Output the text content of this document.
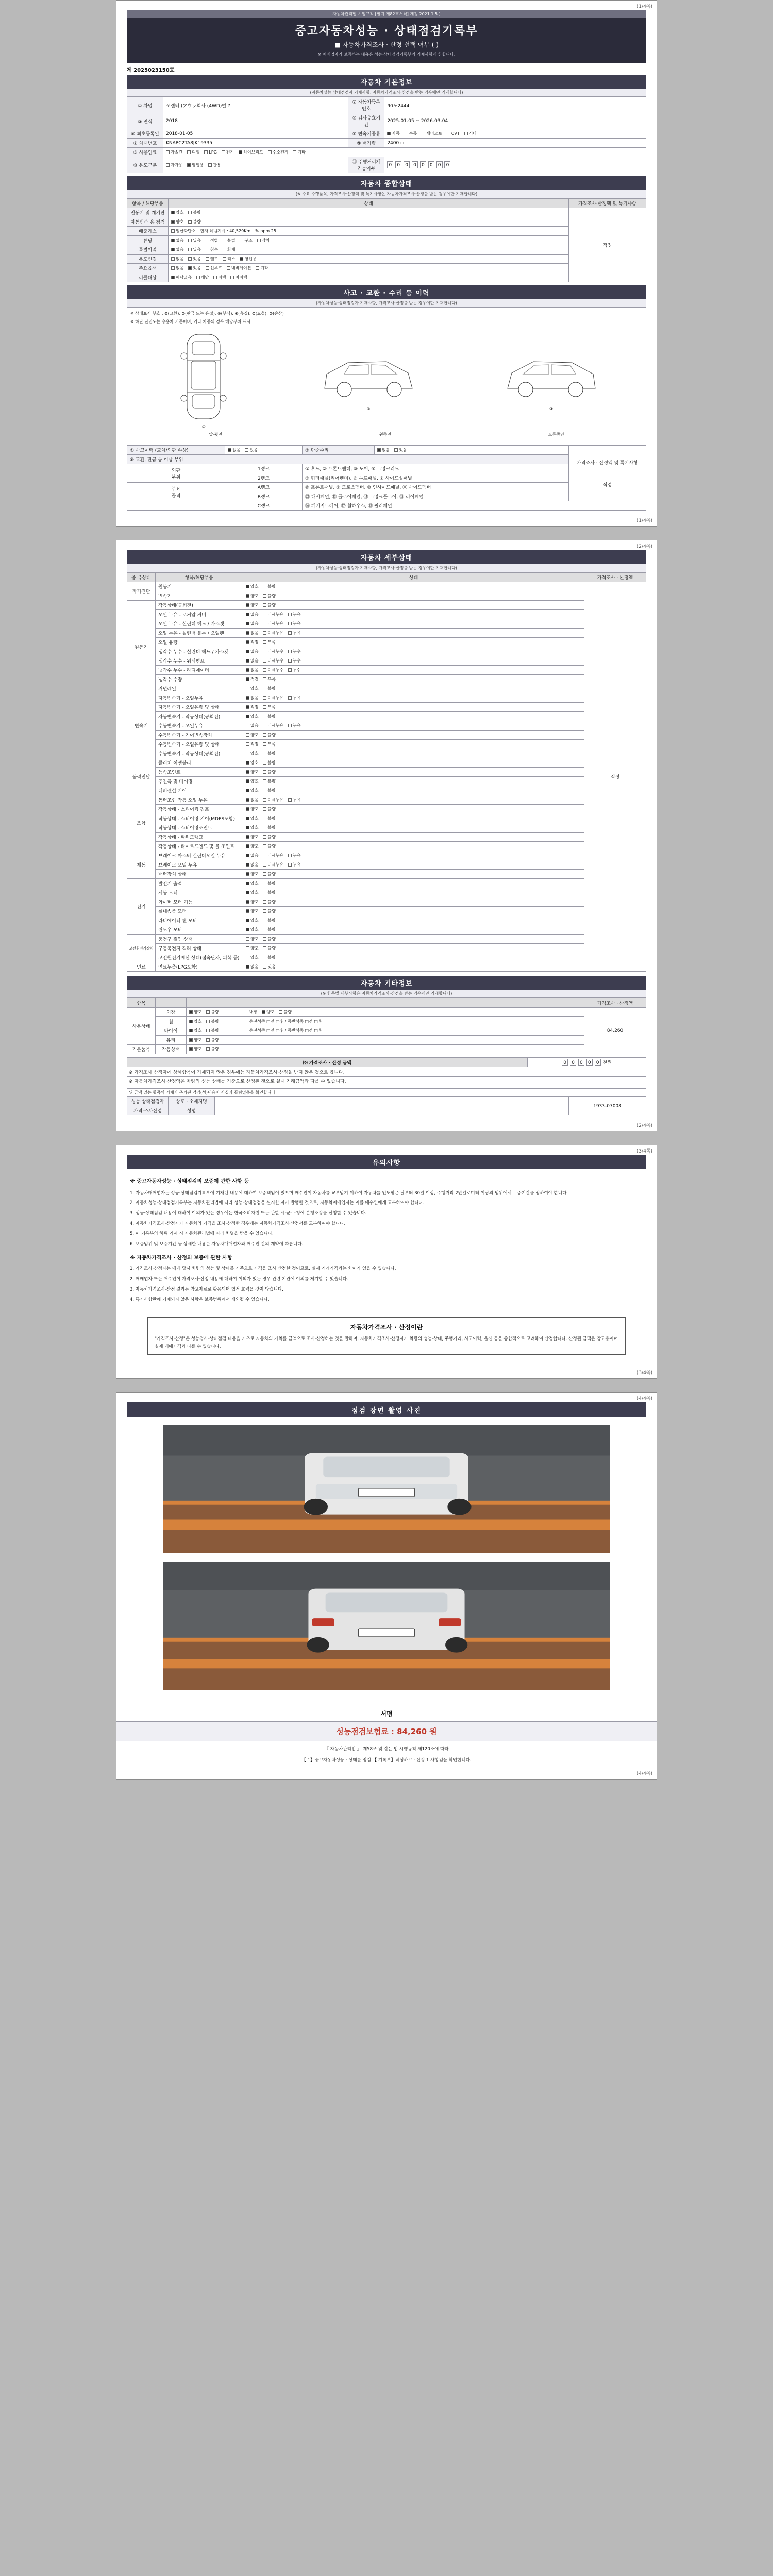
(1/4쪽)
자동차관리법 시행규칙 [별지 제82호서식] 개정 2021.1.5.)
중고자동차성능 · 상태점검기록부
■ 자동차가격조사 · 산정 선택 여부 ( )
※ 매매업자가 보증하는 내용은 성능·상태점검기록부의 기재사항에 한합니다.
제 2025023150호
자동차 기본정보
(자동차성능·상태점검자 기재사항, 자동차가격조사·산정을 받는 경우에만 기재합니다)
① 차명	쏘렌티 (アウラ회사 (4WD)별 ?	② 자동차등록번호	90노2444
③ 연식	2018	④ 검사유효기간	2025-01-05 ~ 2026-03-04
⑤ 최초등록일	2018-01-05	⑥ 변속기종류	자동 수동 세미오토 CVT 기타
⑦ 차대번호	KNAPC2TA8JK19335	⑨ 배기량	2400 cc
⑧ 사용연료	가솔린 디젤 LPG 전기 하이브리드 수소전기 기타		
⑩ 용도구분	자가용 영업용 관용	⑪ 주행거리계 기능여부	0 0 0 0 0 0 0 0
자동차 종합상태
(※ 주요 주행품목, 가격조사·산정액 및 특기사항은 자동차가격조사·산정을 받는 경우에만 기재합니다)
항목 / 해당부품	상태	가격조사·산정액 및 특기사항
전동기 및 계기판	양호 불량	적정
자동변속 용 점검	양호 불량	
배출가스	일산화탄소 현재 레벨지시 : 40,529Km % ppm 25	
튜닝	없음 있음 적법 불법 구조 장치	
특별이력	없음 있음 침수 화재	
용도변경	없음 있음 렌트 리스 영업용	
주요옵션	없음 있음 선루프 내비게이션 기타	
리콜대상	해당없음 해당 이행 미이행	
사고 · 교환 · 수리 등 이력
(자동차성능·상태점검자 기재사항, 가격조사·산정을 받는 경우에만 기재합니다)
※ 상태표시 부호 : ⊗(교환), ⊙(판금 또는 용접), ⊘(부식), ⊗(흠집), ⊙(요철), ⊘(손상)
※ 하단 단면도는 승용차 기준이며, 기타 차종의 경우 해당부위 표시
①
②	③
앞·뒷면	왼쪽면	오른쪽면
① 사고이력 (교차/외판 손상)	없음 있음	② 단순수리	없음 있음	가격조사 · 산정액 및 특기사항
적정

⑧ 교환, 판금 등 이상 부위				
외판
부위	1랭크	① 후드, ② 프론트펜더, ③ 도어, ④ 트렁크리드		
	2랭크	⑤ 쿼터패널(리어펜더), ⑥ 루프패널, ⑦ 사이드실패널		
주요
골격	A랭크	⑧ 프론트패널, ⑨ 크로스멤버, ⑩ 인사이드패널, ⑪ 사이드멤버		
	B랭크	⑫ 대시패널, ⑬ 플로어패널, ⑭ 트렁크플로어, ⑮ 리어패널		
	C랭크	⑯ 패키지트레이, ⑰ 휠하우스, ⑱ 필러패널		
(1/4쪽)
(2/4쪽)
자동차 세부상태
(자동차성능·상태점검자 기재사항, 가격조사·산정을 받는 경우에만 기재합니다)
중 유상태	항목/해당부품	상태	가격조사 · 산정액
자기진단	원동기	양호 불량	적정
	변속기	양호 불량	
원동기	작동상태(공회전)	양호 불량	
	오일 누유 - 로커암 커버	없음 미세누유 누유	
	오일 누유 - 실린더 헤드 / 가스켓	없음 미세누유 누유	
	오일 누유 - 실린더 블록 / 오일팬	없음 미세누유 누유	
	오일 유량	적정 부족	
	냉각수 누수 - 실린더 헤드 / 가스켓	없음 미세누수 누수	
	냉각수 누수 - 워터펌프	없음 미세누수 누수	
	냉각수 누수 - 라디에이터	없음 미세누수 누수	
	냉각수 수량	적정 부족	
	커먼레일	양호 불량	
변속기	자동변속기 - 오일누유	없음 미세누유 누유	
	자동변속기 - 오일유량 및 상태	적정 부족	
	자동변속기 - 작동상태(공회전)	양호 불량	
	수동변속기 - 오일누유	없음 미세누유 누유	
	수동변속기 - 기어변속장치	양호 불량	
	수동변속기 - 오일유량 및 상태	적정 부족	
	수동변속기 - 작동상태(공회전)	양호 불량	
동력전달	클러치 어셈블리	양호 불량	
	등속조인트	양호 불량	
	추진축 및 베어링	양호 불량	
	디퍼렌셜 기어	양호 불량	
조향	동력조향 작동 오일 누유	없음 미세누유 누유	
	작동상태 - 스티어링 펌프	양호 불량	
	작동상태 - 스티어링 기어(MDPS포함)	양호 불량	
	작동상태 - 스티어링조인트	양호 불량	
	작동상태 - 파워크랭크	양호 불량	
	작동상태 - 타이로드엔드 및 볼 조인트	양호 불량	
제동	브레이크 마스터 실린더오일 누유	없음 미세누유 누유	
	브레이크 오일 누유	없음 미세누유 누유	
	배력장치 상태	양호 불량	
전기	발전기 출력	양호 불량	
	시동 모터	양호 불량	
	와이퍼 모터 기능	양호 불량	
	실내송풍 모터	양호 불량	
	라디에이터 팬 모터	양호 불량	
	윈도우 모터	양호 불량	
고전원전기장치	충전구 절연 상태	양호 불량	
	구동축전지 격리 상태	양호 불량	
	고전원전기배선 상태(접속단자, 피복 등)	양호 불량	
연료	연료누출(LPG포함)	없음 있음	
자동차 기타정보
(※ 항목별 세부사항은 자동차가격조사·산정을 받는 경우에만 기재합니다)
항목			가격조사 · 산정액
사용상태	외장	양호 불량 내장 양호 불량	84,260
	휠	양호 불량 운전석쪽 □전 □후 / 동반석쪽 □전 □후	
	타이어	양호 불량 운전석쪽 □전 □후 / 동반석쪽 □전 □후	
	유리	양호 불량	
기본품목	작동상태	양호 불량	
㈜ 가격조사 · 산정 금액	0 0 0 0 0 천원
※ 가격조사·산정자에 상세항목이 기재되지 않은 경우에는 자동차가격조사·산정을 받지 않은 것으로 봅니다.
※ 자동차가격조사·산정액은 차량의 성능·상태를 기준으로 산정된 것으로 실제 거래금액과 다를 수 있습니다.
위 금액 있는 항목의 기재가 추가된 검검(성)내용이 사실과 틀림없음을 확인합니다.			
성능·상태점검자	상호 · 소재지명		1933-07008
가격·조사산정	성명		
(2/4쪽)
(3/4쪽)
유의사항
※ 중고자동차성능 · 상태점검의 보증에 관한 사항 등

1. 자동차매매업자는 성능·상태점검기록부에 기재된 내용에 대하여 보증책임이 있으며 매수인이 자동차를 교부받기 위하여 자동차를 인도받은 날부터 30일 이상, 주행거리 2만킬로미터 이상의 범위에서 보증기간을 정하여야 합니다.

2. 자동차성능·상태점검기록부는 자동차관리법에 따라 성능·상태점검을 실시한 자가 발행한 것으로, 자동차매매업자는 이를 매수인에게 교부하여야 합니다.

3. 성능·상태점검 내용에 대하여 이의가 있는 경우에는 한국소비자원 또는 관할 시·군·구청에 분쟁조정을 신청할 수 있습니다.

4. 자동차가격조사·산정자가 자동차의 가격을 조사·산정한 경우에는 자동차가격조사·산정서를 교부하여야 합니다.

5. 이 기록부의 허위 기재 시 자동차관리법에 따라 처벌을 받을 수 있습니다.

6. 보증범위 및 보증기간 등 상세한 내용은 자동차매매업자와 매수인 간의 계약에 따릅니다.

※ 자동차가격조사 · 산정의 보증에 관한 사항

1. 가격조사·산정자는 매매 당시 차량의 성능 및 상태를 기준으로 가격을 조사·산정한 것이므로, 실제 거래가격과는 차이가 있을 수 있습니다.

2. 매매업자 또는 매수인이 가격조사·산정 내용에 대하여 이의가 있는 경우 관련 기관에 이의를 제기할 수 있습니다.

3. 자동차가격조사·산정 결과는 참고자료로 활용되며 법적 효력을 갖지 않습니다.

4. 특기사항란에 기재되지 않은 사항은 보증범위에서 제외될 수 있습니다.

자동차가격조사 · 산정이란
"가격조사·산정"은 성능검사·상태점검 내용을 기초로 자동차의 가치를 금액으로 조사·산정하는 것을 말하며, 자동차가격조사·산정자가 차량의 성능·상태, 주행거리, 사고이력, 옵션 등을 종합적으로 고려하여 산정합니다. 산정된 금액은 참고용이며 실제 매매가격과 다를 수 있습니다.
(3/4쪽)
(4/4쪽)
점검 장면 촬영 사진
서명
성능점검보험료 : 84,260 원
『 자동차관리법 』 제58조 및 같은 법 시행규칙 제120조에 따라
【 1】중고자동차성능 · 상태를 점검 【 기록부】작성하고 · 산정 1 사항검을 확인합니다.
(4/4쪽)
